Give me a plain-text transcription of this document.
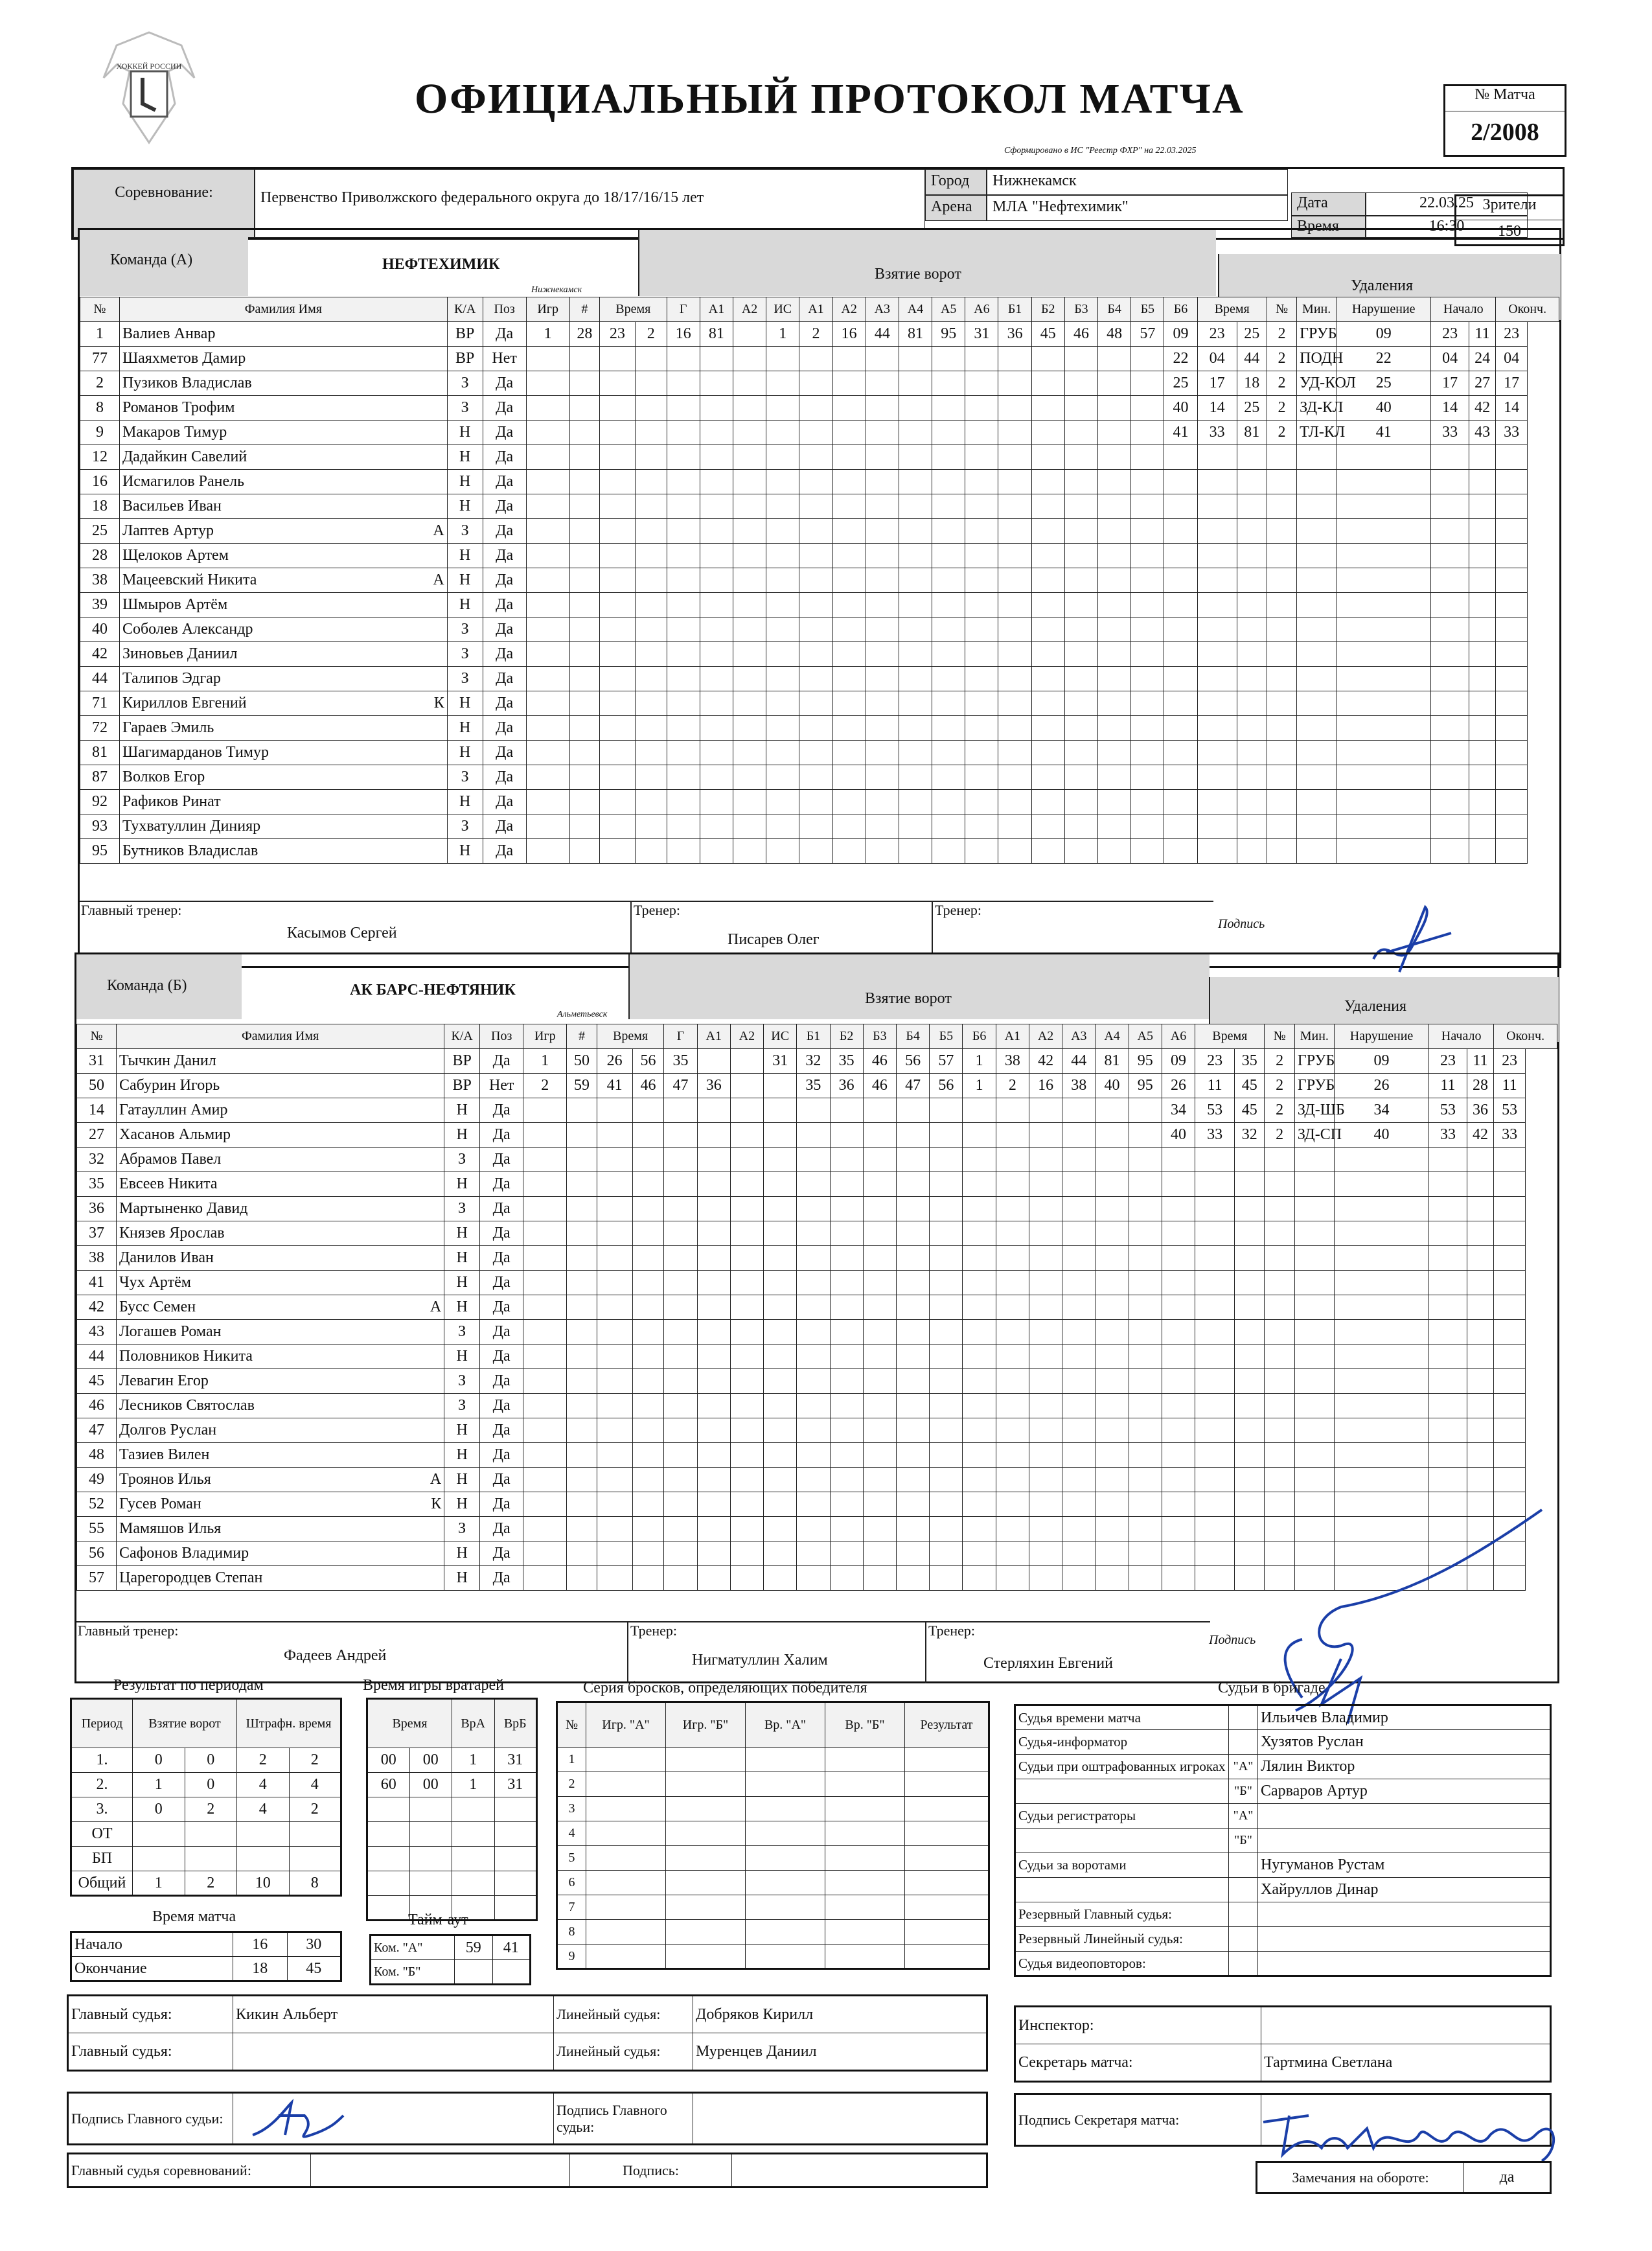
ХОККЕЙ РОССИИ
ОФИЦИАЛЬНЫЙ ПРОТОКОЛ МАТЧА
Сформировано в ИС "Реестр ФХР" на 22.03.2025
№ Матча
2/2008
Соревнование:	Первенство Приволжского федерального округа до 18/17/16/15 лет
Город	Нижнекамск
Арена	МЛА "Нефтехимик"	Дата	22.03.25
Время	16:30
Зрители
150
Команда (А)	НЕФТЕХИМИК
Нижнекамск
Взятие ворот
Удаления
№	Фамилия Имя	К/А	Поз	Игр	#	Время		Г	А1	А2	ИС	А1	А2	А3	А4	А5	А6	Б1	Б2	Б3	Б4	Б5	Б6	Время		№	Мин.	Нарушение	Начало		Оконч.
1	Валиев Анвар	ВР	Да	1	28	23	2	16	81		1	2	16	44	81	95	31	36	45	46	48	57	09	23	25	2	ГРУБ	09	23	11	23
77	Шаяхметов Дамир	ВР	Нет																				22	04	44	2	ПОДН	22	04	24	04
2	Пузиков Владислав	З	Да																				25	17	18	2	УД-КОЛ	25	17	27	17
8	Романов Трофим	З	Да																				40	14	25	2	ЗД-КЛ	40	14	42	14
9	Макаров Тимур	Н	Да																				41	33	81	2	ТЛ-КЛ	41	33	43	33
12	Дадайкин Савелий	Н	Да																												
16	Исмагилов Ранель	Н	Да																												
18	Васильев Иван	Н	Да																												
25	Лаптев Артур А	З	Да																												
28	Щелоков Артем	Н	Да																												
38	Мацеевский Никита А	Н	Да																												
39	Шмыров Артём	Н	Да																												
40	Соболев Александр	З	Да																												
42	Зиновьев Даниил	З	Да																												
44	Талипов Эдгар	З	Да																												
71	Кириллов Евгений К	Н	Да																												
72	Гараев Эмиль	Н	Да																												
81	Шагимарданов Тимур	Н	Да																												
87	Волков Егор	З	Да																												
92	Рафиков Ринат	Н	Да																												
93	Тухватуллин Динияр	З	Да																												
95	Бутников Владислав	Н	Да																												
Главный тренер:
Касымов Сергей
Тренер:
Писарев Олег
Тренер:
Подпись
Команда (Б)	АК БАРС-НЕФТЯНИК
Альметьевск
Взятие ворот	Удаления
№	Фамилия Имя	К/А	Поз	Игр	#	Время		Г	А1	А2	ИС	Б1	Б2	Б3	Б4	Б5	Б6	А1	А2	А3	А4	А5	А6	Время		№	Мин.	Нарушение	Начало		Оконч.
31	Тычкин Данил	ВР	Да	1	50	26	56	35			31	32	35	46	56	57	1	38	42	44	81	95	09	23	35	2	ГРУБ	09	23	11	23
50	Сабурин Игорь	ВР	Нет	2	59	41	46	47	36			35	36	46	47	56	1	2	16	38	40	95	26	11	45	2	ГРУБ	26	11	28	11
14	Гатауллин Амир	Н	Да																				34	53	45	2	ЗД-ШБ	34	53	36	53
27	Хасанов Альмир	Н	Да																				40	33	32	2	ЗД-СП	40	33	42	33
32	Абрамов Павел	З	Да																												
35	Евсеев Никита	Н	Да																												
36	Мартыненко Давид	З	Да																												
37	Князев Ярослав	Н	Да																												
38	Данилов Иван	Н	Да																												
41	Чух Артём	Н	Да																												
42	Бусс Семен А	Н	Да																												
43	Логашев Роман	З	Да																												
44	Половников Никита	Н	Да																												
45	Левагин Егор	З	Да																												
46	Лесников Святослав	З	Да																												
47	Долгов Руслан	Н	Да																												
48	Тазиев Вилен	Н	Да																												
49	Троянов Илья А	Н	Да																												
52	Гусев Роман К	Н	Да																												
55	Мамяшов Илья	З	Да																												
56	Сафонов Владимир	Н	Да																												
57	Царегородцев Степан	Н	Да																												
Главный тренер:
Фадеев Андрей
Тренер:
Нигматуллин Халим
Тренер:
Стерляхин Евгений
Подпись
Результат по периодам
Период	Взятие ворот		Штрафн. время	

1.	0	0	2	2
2.	1	0	4	4
3.	0	2	4	2
ОТ				
БП				
Общий	1	2	10	8
Время матча
Начало	16	30
Окончание	18	45
Время игры вратарей
Время		ВрА	ВрБ
00	00	1	31
60	00	1	31

Тайм-аут
Ком. "А"	59	41
Ком. "Б"		
Серия бросков, определяющих победителя
№	Игр. "А"	Игр. "Б"	Вр. "А"	Вр. "Б"	Результат
1					
2					
3					
4					
5					
6					
7					
8					
9					
Судьи в бригаде
Судья времени матча		Ильичев Владимир
Судья-информатор		Хузятов Руслан
Судьи при оштрафованных игроках	"А"	Лялин Виктор
	"Б"	Сарваров Артур
Судьи регистраторы	"А"	
	"Б"	
Судьи за воротами		Нугуманов Рустам
		Хайруллов Динар
Резервный Главный судья:		
Резервный Линейный судья:		
Судья видеоповторов:		
Главный судья:	Кикин Альберт	Линейный судья:	Добряков Кирилл
Главный судья:		Линейный судья:	Муренцев Даниил
Инспектор:	
Секретарь матча:	Тартмина Светлана
Подпись Главного судьи:		Подпись Главного судьи:		Подпись Секретаря матча:	
Главный судья соревнований:		Подпись:		Замечания на обороте:	да
